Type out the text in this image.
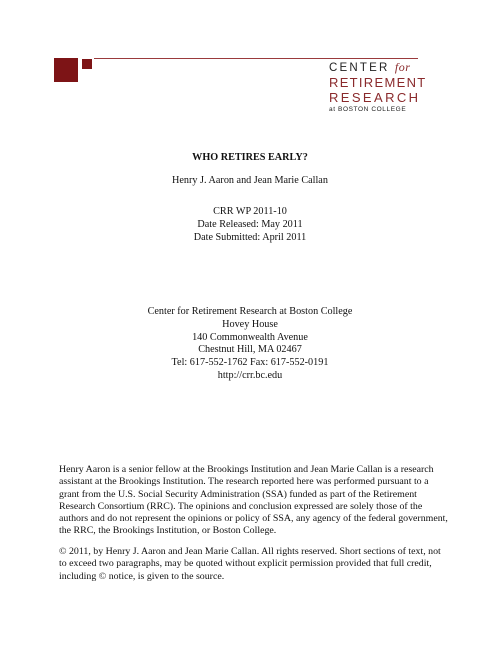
CENTER for
RETIREMENT
RESEARCH
at BOSTON COLLEGE
WHO RETIRES EARLY?
Henry J. Aaron and Jean Marie Callan
CRR WP 2011-10
Date Released: May 2011
Date Submitted: April 2011
Center for Retirement Research at Boston College
Hovey House
140 Commonwealth Avenue
Chestnut Hill, MA 02467
Tel: 617-552-1762 Fax: 617-552-0191
http://crr.bc.edu
Henry Aaron is a senior fellow at the Brookings Institution and Jean Marie Callan is a research assistant at the Brookings Institution. The research reported here was performed pursuant to a grant from the U.S. Social Security Administration (SSA) funded as part of the Retirement Research Consortium (RRC). The opinions and conclusion expressed are solely those of the authors and do not represent the opinions or policy of SSA, any agency of the federal government, the RRC, the Brookings Institution, or Boston College.
© 2011, by Henry J. Aaron and Jean Marie Callan. All rights reserved. Short sections of text, not to exceed two paragraphs, may be quoted without explicit permission provided that full credit, including © notice, is given to the source.
